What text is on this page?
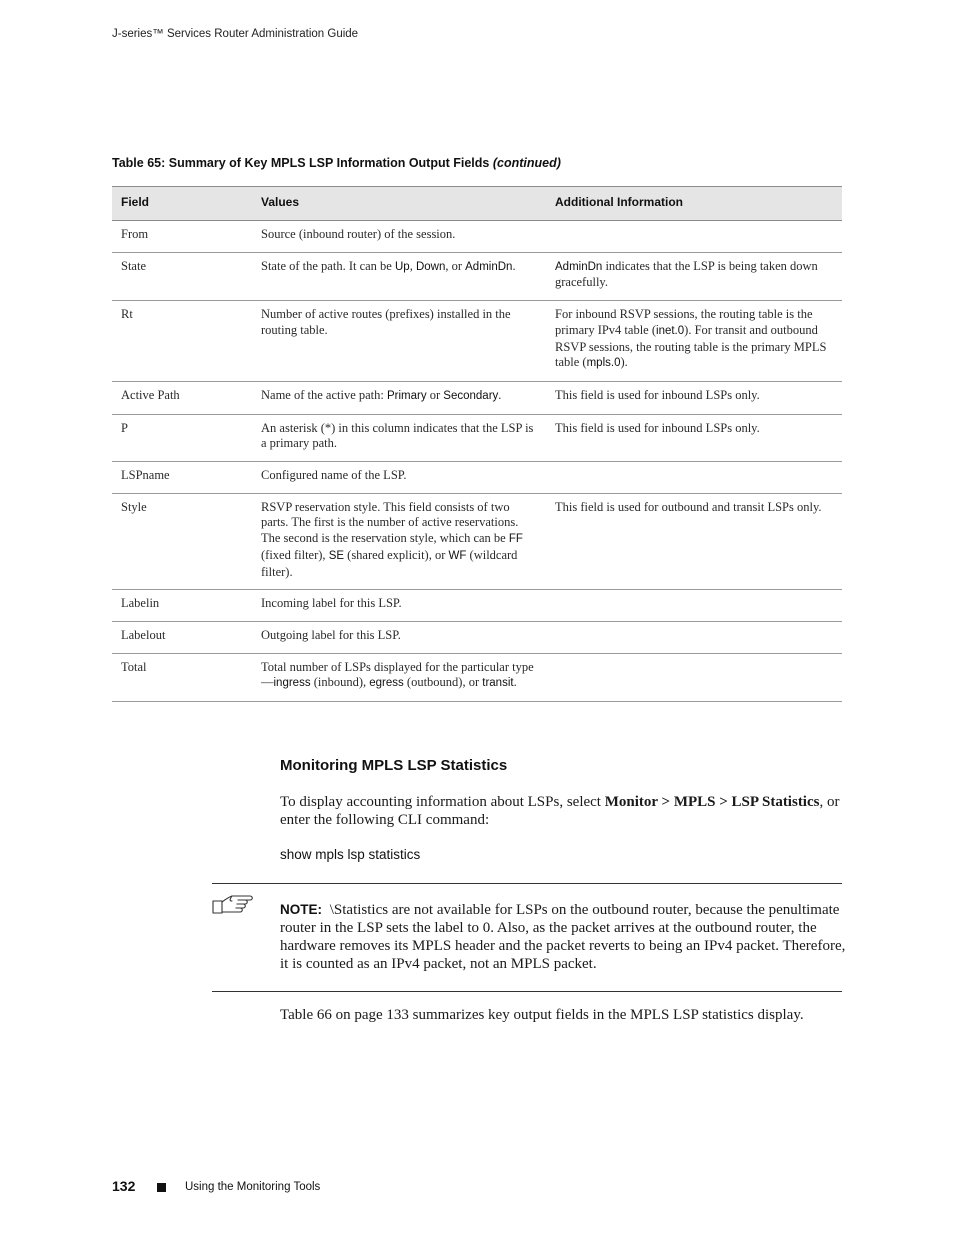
J-series™ Services Router Administration Guide
Table 65: Summary of Key MPLS LSP Information Output Fields (continued)
Field	Values	Additional Information
From	Source (inbound router) of the session.	
State	State of the path. It can be Up, Down, or AdminDn.	AdminDn indicates that the LSP is being taken down gracefully.
Rt	Number of active routes (prefixes) installed in the routing table.	For inbound RSVP sessions, the routing table is the primary IPv4 table (inet.0). For transit and outbound RSVP sessions, the routing table is the primary MPLS table (mpls.0).
Active Path	Name of the active path: Primary or Secondary.	This field is used for inbound LSPs only.
P	An asterisk (*) in this column indicates that the LSP is a primary path.	This field is used for inbound LSPs only.
LSPname	Configured name of the LSP.	
Style	RSVP reservation style. This field consists of two parts. The first is the number of active reservations. The second is the reservation style, which can be FF (fixed filter), SE (shared explicit), or WF (wildcard filter).	This field is used for outbound and transit LSPs only.
Labelin	Incoming label for this LSP.	
Labelout	Outgoing label for this LSP.	
Total	Total number of LSPs displayed for the particular type—ingress (inbound), egress (outbound), or transit.	
Monitoring MPLS LSP Statistics
To display accounting information about LSPs, select Monitor > MPLS > LSP Statistics, or enter the following CLI command:
show mpls lsp statistics
NOTE: \Statistics are not available for LSPs on the outbound router, because the penultimate router in the LSP sets the label to 0. Also, as the packet arrives at the outbound router, the hardware removes its MPLS header and the packet reverts to being an IPv4 packet. Therefore, it is counted as an IPv4 packet, not an MPLS packet.
Table 66 on page 133 summarizes key output fields in the MPLS LSP statistics display.
132	Using the Monitoring Tools
